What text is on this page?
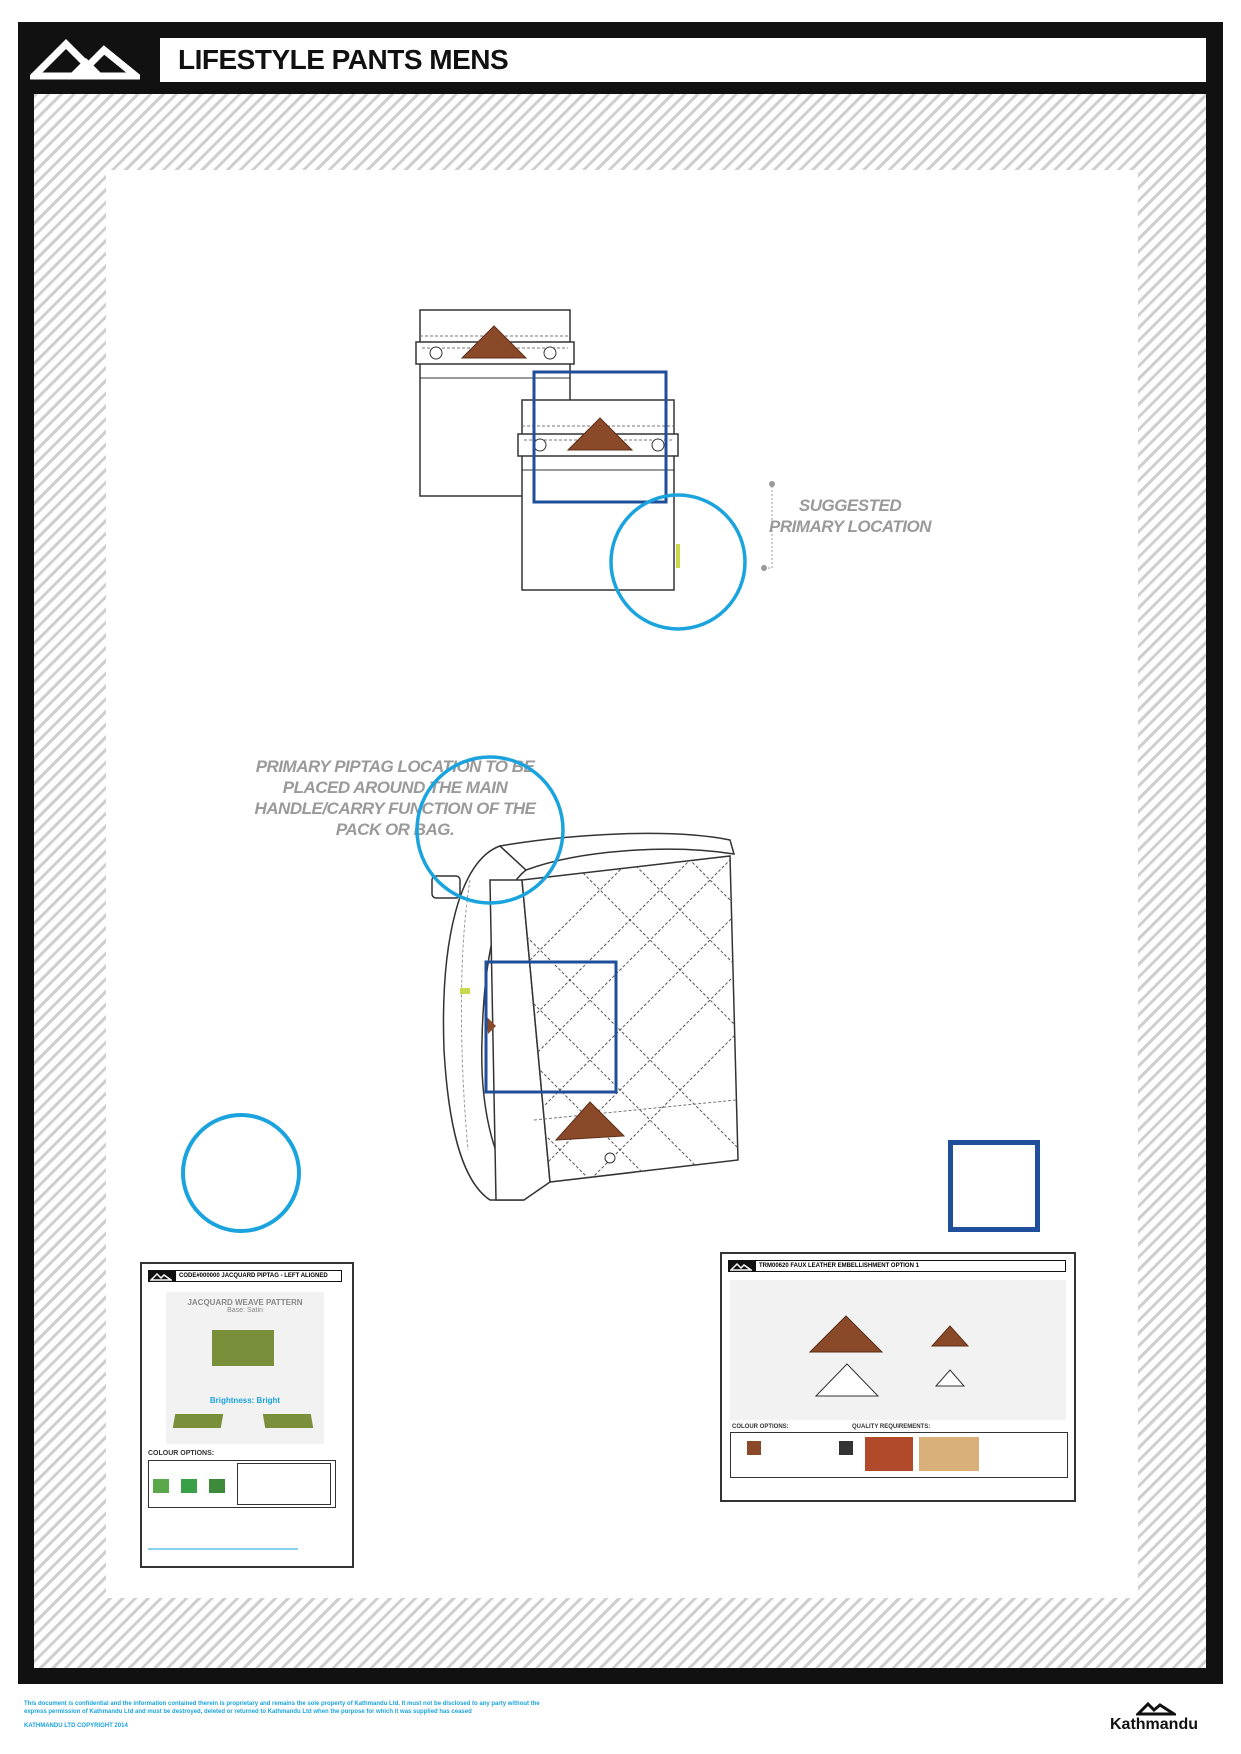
LIFESTYLE PANTS MENS
SUGGESTED
PRIMARY LOCATION
PRIMARY PIPTAG LOCATION TO BE
PLACED AROUND THE MAIN
HANDLE/CARRY FUNCTION OF THE
PACK OR BAG.
CODE#000000 JACQUARD PIPTAG - LEFT ALIGNED
JACQUARD WEAVE PATTERN
Base: Satin
Brightness: Bright
COLOUR OPTIONS:
TRM00620 FAUX LEATHER EMBELLISHMENT OPTION 1
COLOUR OPTIONS:	QUALITY REQUIREMENTS:
This document is confidential and the information contained therein is proprietary and remains the sole property of Kathmandu Ltd. It must not be disclosed to any party without the
express permission of Kathmandu Ltd and must be destroyed, deleted or returned to Kathmandu Ltd when the purpose for which it was supplied has ceased
KATHMANDU LTD COPYRIGHT 2014	Kathmandu
